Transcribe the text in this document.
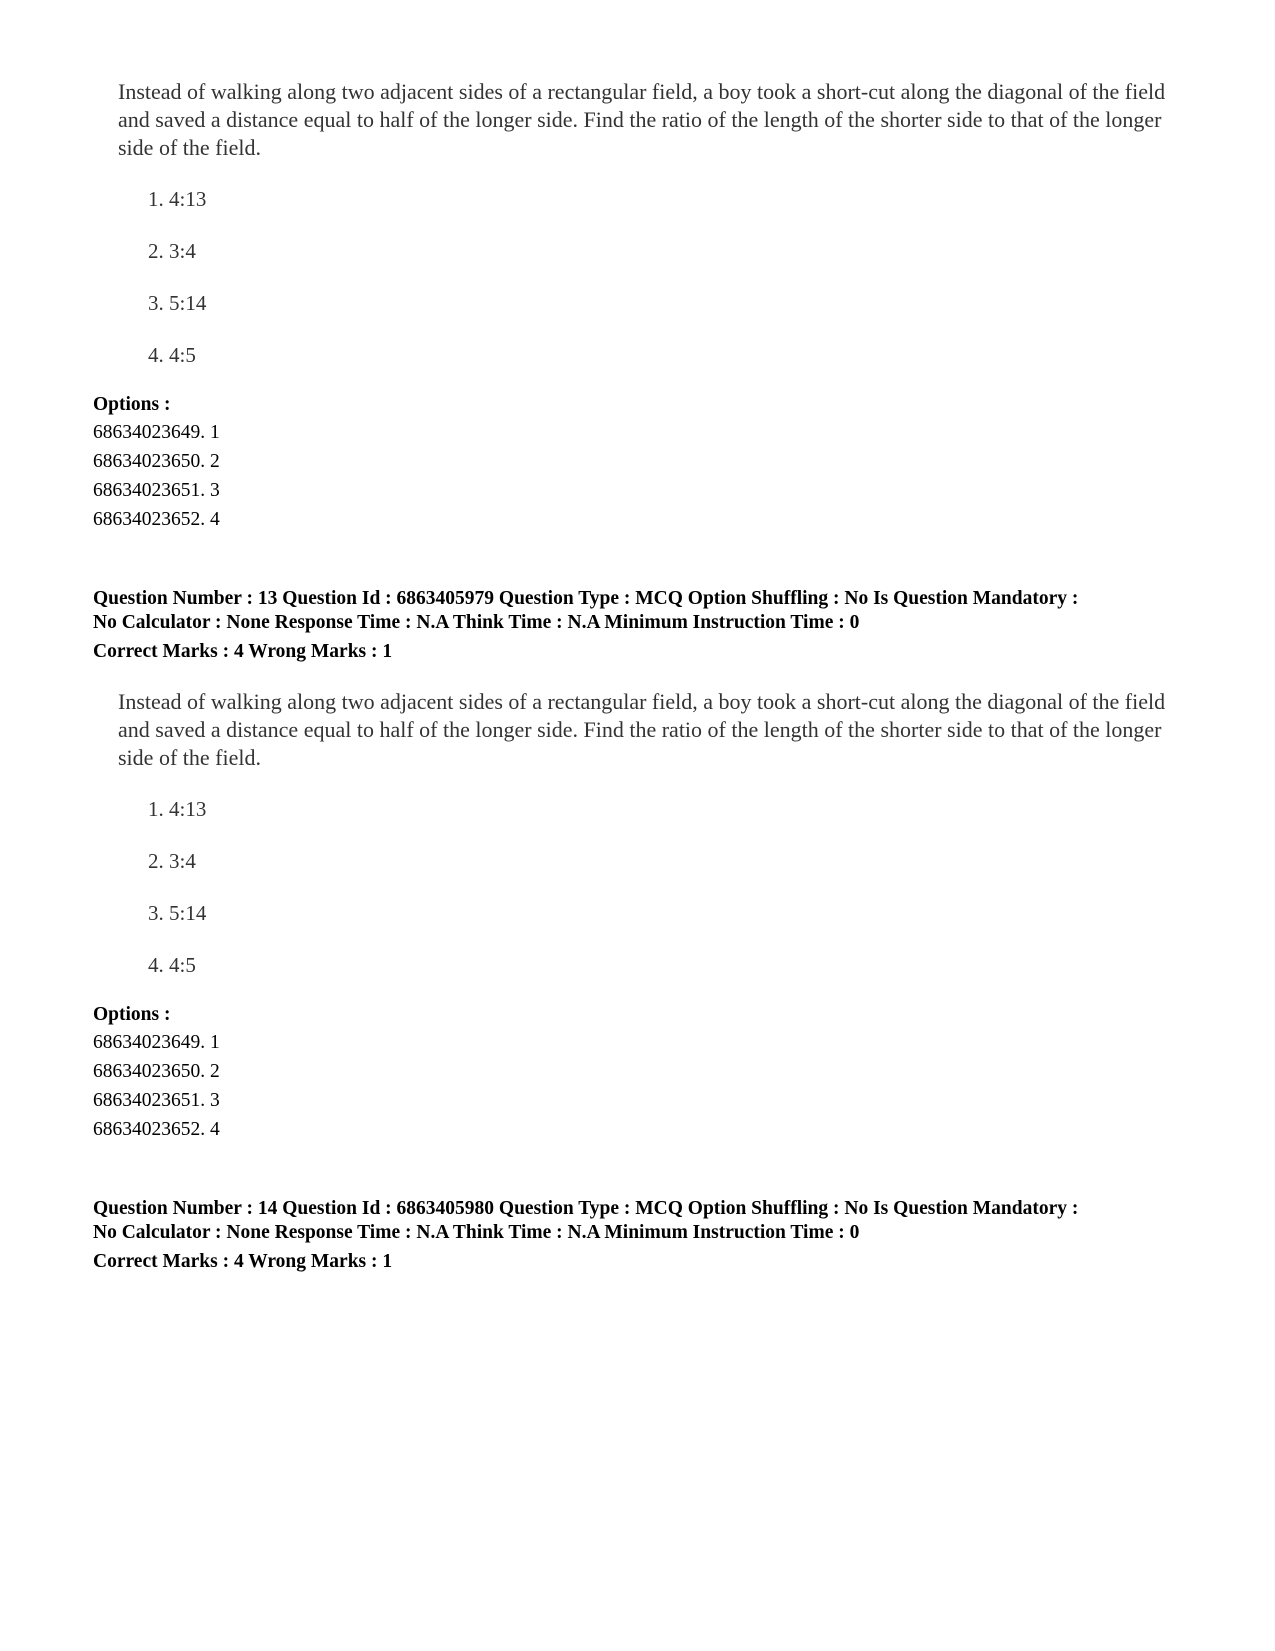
Instead of walking along two adjacent sides of a rectangular field, a boy took a short-cut along the diagonal of the field and saved a distance equal to half of the longer side. Find the ratio of the length of the shorter side to that of the longer side of the field.

1. 4:13
2. 3:4
3. 5:14
4. 4:5
Options :
68634023649. 1
68634023650. 2
68634023651. 3
68634023652. 4
Question Number : 13 Question Id : 6863405979 Question Type : MCQ Option Shuffling : No Is Question Mandatory :
No Calculator : None Response Time : N.A Think Time : N.A Minimum Instruction Time : 0
Correct Marks : 4 Wrong Marks : 1

Instead of walking along two adjacent sides of a rectangular field, a boy took a short-cut along the diagonal of the field and saved a distance equal to half of the longer side. Find the ratio of the length of the shorter side to that of the longer side of the field.

1. 4:13
2. 3:4
3. 5:14
4. 4:5
Options :
68634023649. 1
68634023650. 2
68634023651. 3
68634023652. 4
Question Number : 14 Question Id : 6863405980 Question Type : MCQ Option Shuffling : No Is Question Mandatory :
No Calculator : None Response Time : N.A Think Time : N.A Minimum Instruction Time : 0
Correct Marks : 4 Wrong Marks : 1
